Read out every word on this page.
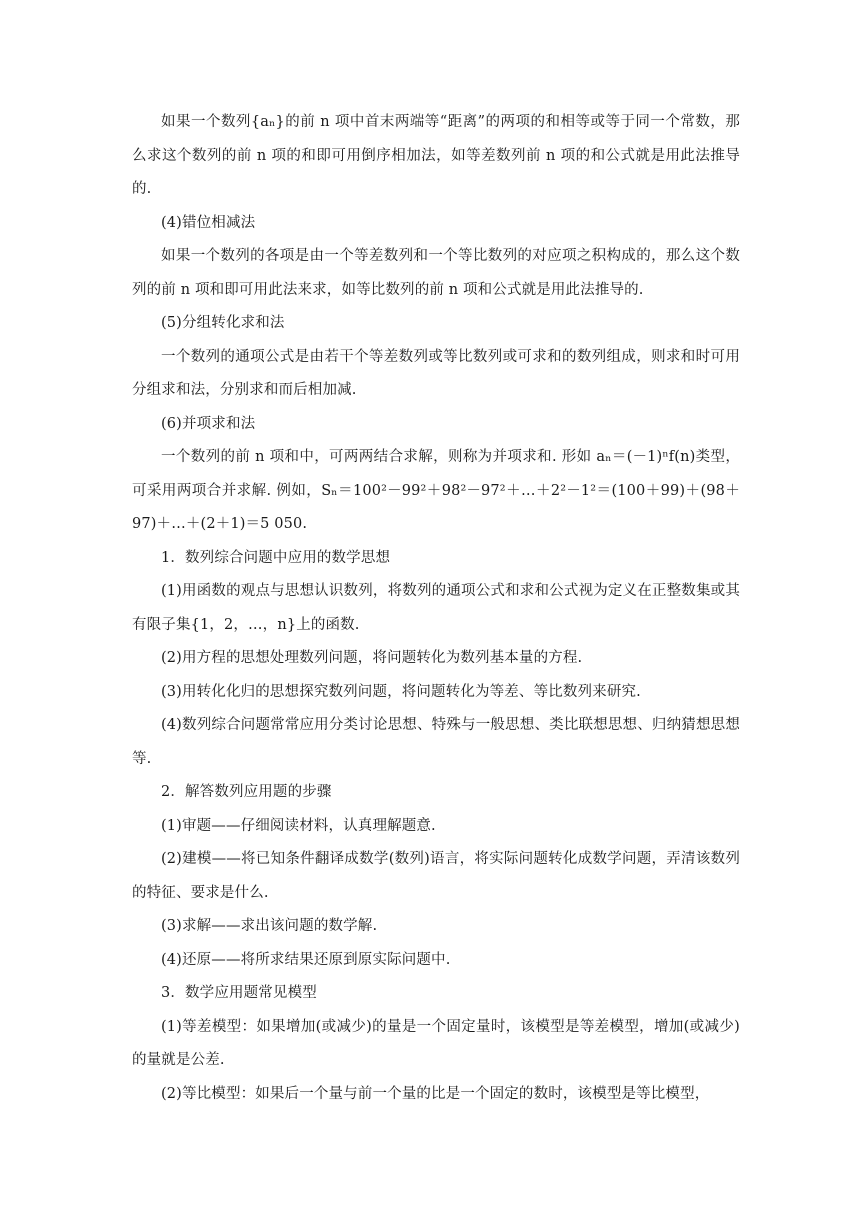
如果一个数列{aₙ}的前 n 项中首末两端等“距离”的两项的和相等或等于同一个常数，那么求这个数列的前 n 项的和即可用倒序相加法，如等差数列前 n 项的和公式就是用此法推导的.

(4)错位相减法

如果一个数列的各项是由一个等差数列和一个等比数列的对应项之积构成的，那么这个数列的前 n 项和即可用此法来求，如等比数列的前 n 项和公式就是用此法推导的.

(5)分组转化求和法

一个数列的通项公式是由若干个等差数列或等比数列或可求和的数列组成，则求和时可用分组求和法，分别求和而后相加减.

(6)并项求和法

一个数列的前 n 项和中，可两两结合求解，则称为并项求和. 形如 aₙ＝(－1)ⁿf(n)类型，可采用两项合并求解. 例如，Sₙ＝100²－99²＋98²－97²＋…＋2²－1²＝(100＋99)＋(98＋97)＋…＋(2＋1)＝5 050.

1．数列综合问题中应用的数学思想

(1)用函数的观点与思想认识数列，将数列的通项公式和求和公式视为定义在正整数集或其有限子集{1，2，…，n}上的函数.

(2)用方程的思想处理数列问题，将问题转化为数列基本量的方程.

(3)用转化化归的思想探究数列问题，将问题转化为等差、等比数列来研究.

(4)数列综合问题常常应用分类讨论思想、特殊与一般思想、类比联想思想、归纳猜想思想等.

2．解答数列应用题的步骤

(1)审题——仔细阅读材料，认真理解题意.

(2)建模——将已知条件翻译成数学(数列)语言，将实际问题转化成数学问题，弄清该数列的特征、要求是什么.

(3)求解——求出该问题的数学解.

(4)还原——将所求结果还原到原实际问题中.

3．数学应用题常见模型

(1)等差模型：如果增加(或减少)的量是一个固定量时，该模型是等差模型，增加(或减少)的量就是公差.

(2)等比模型：如果后一个量与前一个量的比是一个固定的数时，该模型是等比模型，
